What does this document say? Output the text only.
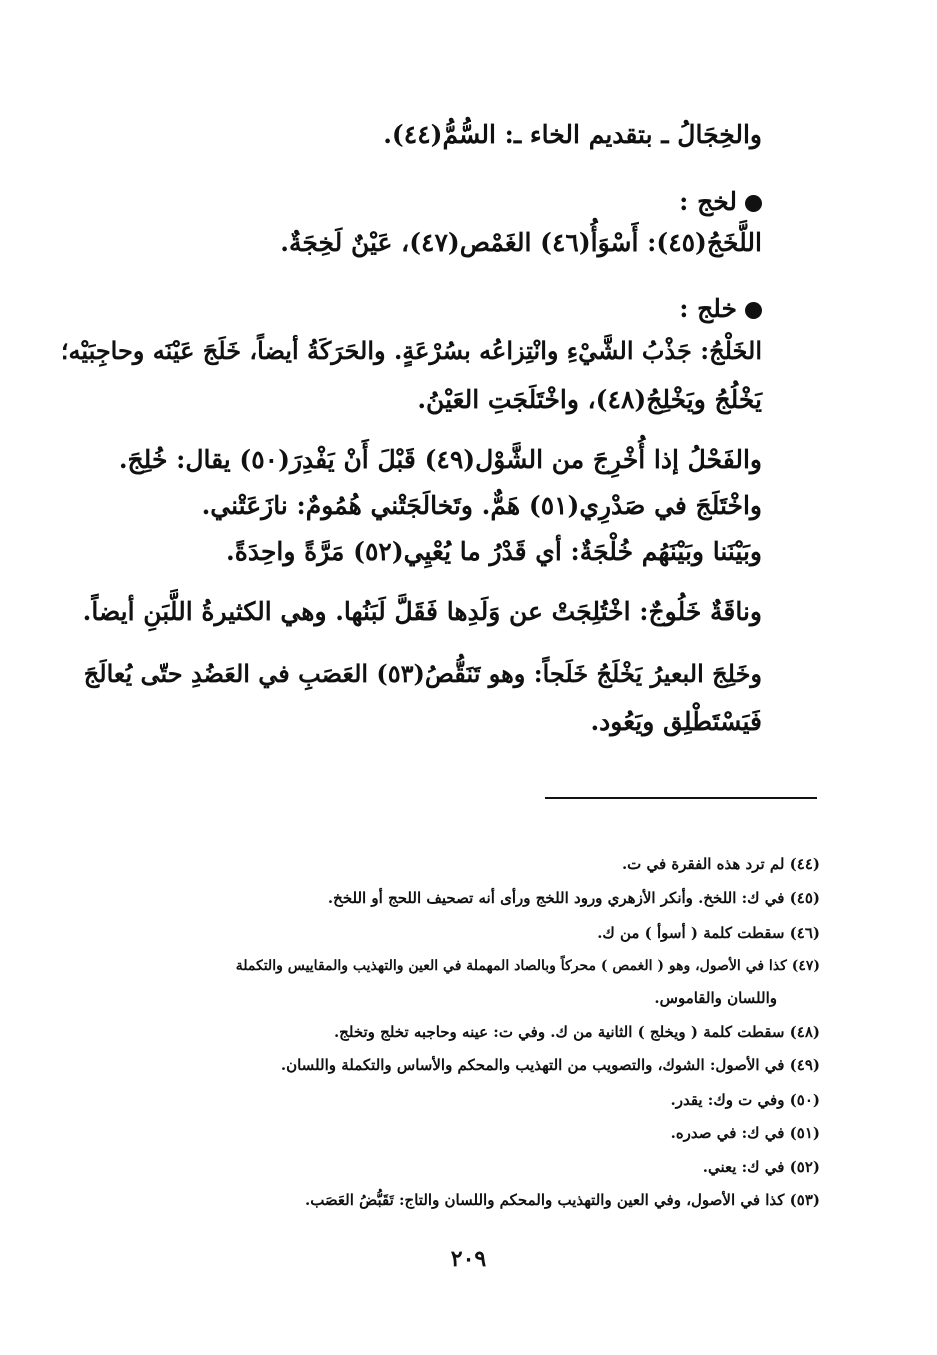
والخِجَالُ ـ بتقديم الخاء ـ: السُّمُّ(٤٤).
لخج :
اللَّخَجُ(٤٥): أَسْوَأُ(٤٦) الغَمْص(٤٧)، عَيْنٌ لَخِجَةٌ.
خلج :
الخَلْجُ: جَذْبُ الشَّيْءِ وانْتِزاعُه بسُرْعَةٍ. والحَرَكَةُ أيضاً، خَلَجَ عَيْنَه وحاجِبَيْه؛
يَخْلُجُ ويَخْلِجُ(٤٨)، واخْتَلَجَتِ العَيْنُ.
والفَحْلُ إذا أُخْرِجَ من الشَّوْل(٤٩) قَبْلَ أَنْ يَفْدِرَ(٥٠) يقال: خُلِجَ.
واخْتَلَجَ في صَدْرِي(٥١) هَمٌّ. وتَخالَجَتْني هُمُومٌ: نازَعَتْني.
وبَيْنَنا وبَيْنَهُم خُلْجَةٌ: أي قَدْرُ ما يُعْيِي(٥٢) مَرَّةً واحِدَةً.
وناقَةٌ خَلُوجٌ: اخْتُلِجَتْ عن وَلَدِها فَقَلَّ لَبَنُها. وهي الكثيرةُ اللَّبَنِ أيضاً.
وخَلِجَ البعيرُ يَخْلَجُ خَلَجاً: وهو تَنَقُّصُ(٥٣) العَصَبِ في العَضُدِ حتّى يُعالَجَ
فَيَسْتَطْلِق ويَعُود.
(٤٤) لم ترد هذه الفقرة في ت.
(٤٥) في ك: اللخخ. وأنكر الأزهري ورود اللخج ورأى أنه تصحيف اللحج أو اللخخ.
(٤٦) سقطت كلمة ( أسوأ ) من ك.
(٤٧) كذا في الأصول، وهو ( الغمص ) محركاً وبالصاد المهملة في العين والتهذيب والمقاييس والتكملة
واللسان والقاموس.
(٤٨) سقطت كلمة ( ويخلج ) الثانية من ك. وفي ت: عينه وحاجبه تخلج وتخلج.
(٤٩) في الأصول: الشوك، والتصويب من التهذيب والمحكم والأساس والتكملة واللسان.
(٥٠) وفي ت وك: يقدر.
(٥١) في ك: في صدره.
(٥٢) في ك: يعني.
(٥٣) كذا في الأصول، وفي العين والتهذيب والمحكم واللسان والتاج: تَقَبُّضُ العَصَب.
٢٠٩
